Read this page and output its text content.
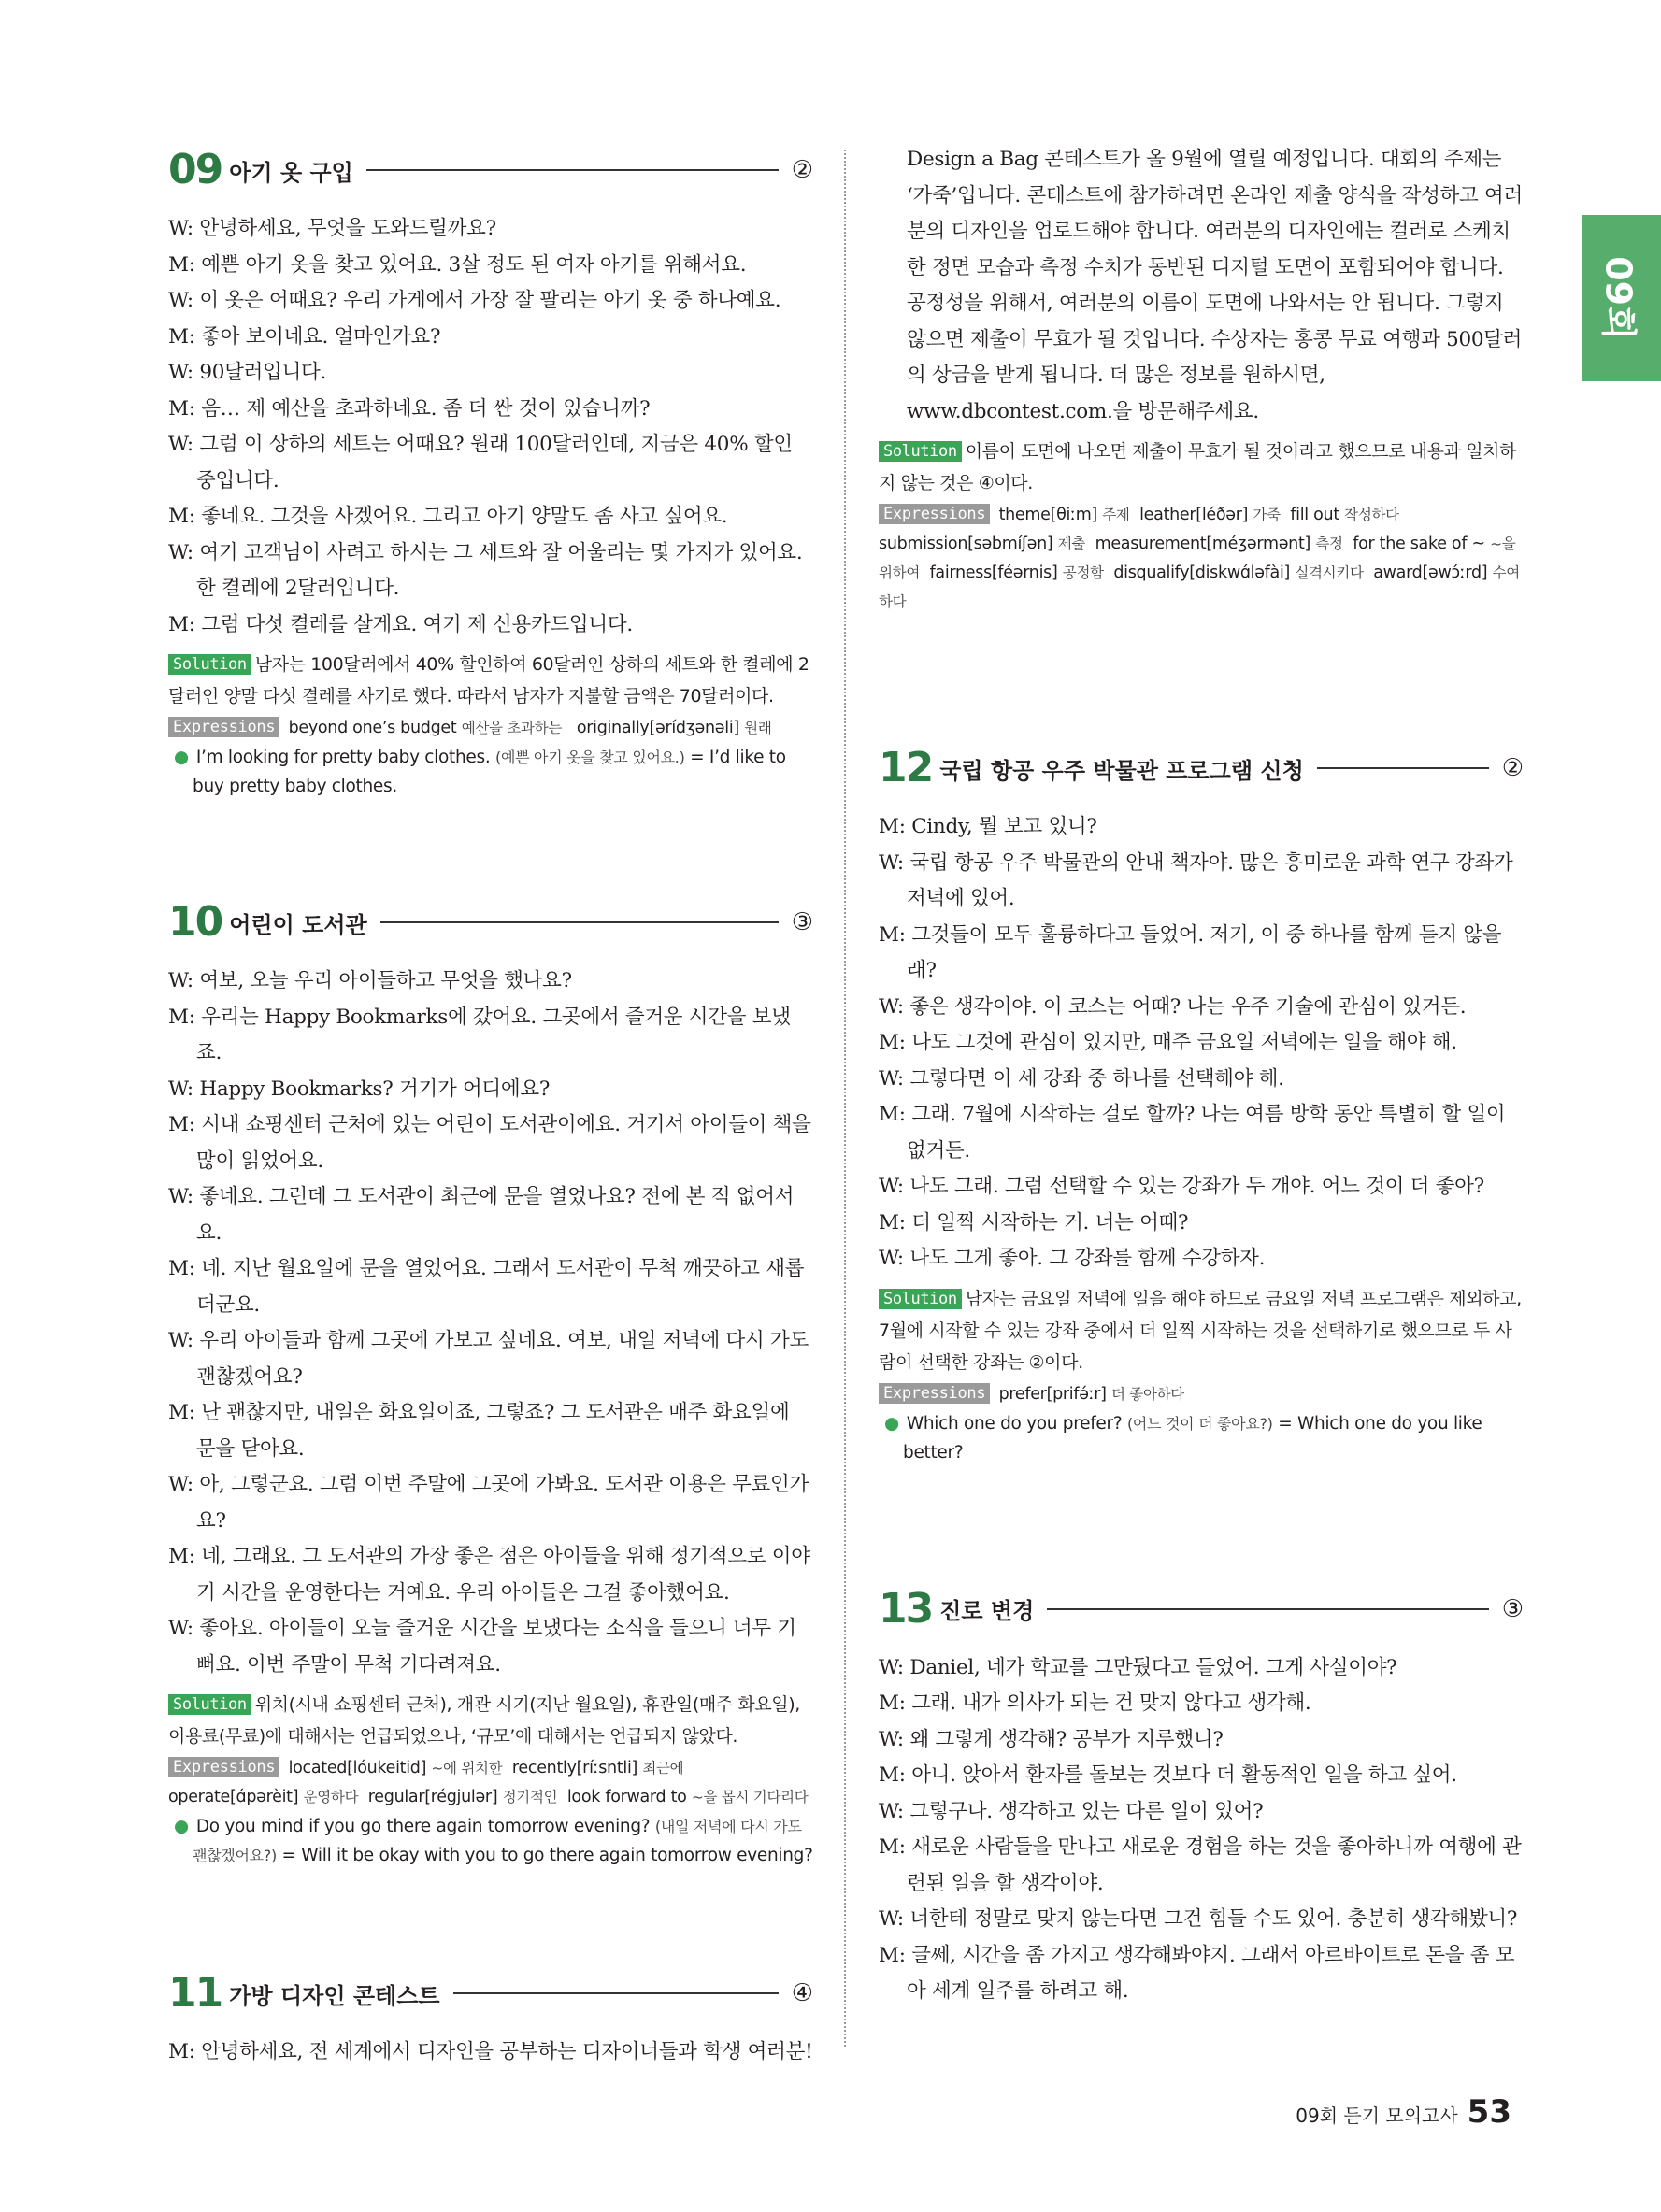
09회
09 아기 옷 구입	②

W: 안녕하세요, 무엇을 도와드릴까요?

M: 예쁜 아기 옷을 찾고 있어요. 3살 정도 된 여자 아기를 위해서요.

W: 이 옷은 어때요? 우리 가게에서 가장 잘 팔리는 아기 옷 중 하나예요.

M: 좋아 보이네요. 얼마인가요?

W: 90달러입니다.

M: 음… 제 예산을 초과하네요. 좀 더 싼 것이 있습니까?

W: 그럼 이 상하의 세트는 어때요? 원래 100달러인데, 지금은 40% 할인 중입니다.

M: 좋네요. 그것을 사겠어요. 그리고 아기 양말도 좀 사고 싶어요.

W: 여기 고객님이 사려고 하시는 그 세트와 잘 어울리는 몇 가지가 있어요. 한 켤레에 2달러입니다.

M: 그럼 다섯 켤레를 살게요. 여기 제 신용카드입니다.

Solution 남자는 100달러에서 40% 할인하여 60달러인 상하의 세트와 한 켤레에 2달러인 양말 다섯 켤레를 사기로 했다. 따라서 남자가 지불할 금액은 70달러이다.

Expressions beyond one’s budget 예산을 초과하는 originally[ərídʒənəli] 원래

● I’m looking for pretty baby clothes. (예쁜 아기 옷을 찾고 있어요.) = I’d like to buy pretty baby clothes.

10 어린이 도서관	③

W: 여보, 오늘 우리 아이들하고 무엇을 했나요?

M: 우리는 Happy Bookmarks에 갔어요. 그곳에서 즐거운 시간을 보냈죠.

W: Happy Bookmarks? 거기가 어디에요?

M: 시내 쇼핑센터 근처에 있는 어린이 도서관이에요. 거기서 아이들이 책을 많이 읽었어요.

W: 좋네요. 그런데 그 도서관이 최근에 문을 열었나요? 전에 본 적 없어서요.

M: 네. 지난 월요일에 문을 열었어요. 그래서 도서관이 무척 깨끗하고 새롭더군요.

W: 우리 아이들과 함께 그곳에 가보고 싶네요. 여보, 내일 저녁에 다시 가도 괜찮겠어요?

M: 난 괜찮지만, 내일은 화요일이죠, 그렇죠? 그 도서관은 매주 화요일에 문을 닫아요.

W: 아, 그렇군요. 그럼 이번 주말에 그곳에 가봐요. 도서관 이용은 무료인가요?

M: 네, 그래요. 그 도서관의 가장 좋은 점은 아이들을 위해 정기적으로 이야기 시간을 운영한다는 거예요. 우리 아이들은 그걸 좋아했어요.

W: 좋아요. 아이들이 오늘 즐거운 시간을 보냈다는 소식을 들으니 너무 기뻐요. 이번 주말이 무척 기다려져요.

Solution 위치(시내 쇼핑센터 근처), 개관 시기(지난 월요일), 휴관일(매주 화요일), 이용료(무료)에 대해서는 언급되었으나, ‘규모’에 대해서는 언급되지 않았다.

Expressions located[lóukeitid] ~에 위치한 recently[ríːsntli] 최근에  operate[ɑ́pərèit] 운영하다 regular[régjulər] 정기적인 look forward to ~을 몹시 기다리다

● Do you mind if you go there again tomorrow evening? (내일 저녁에 다시 가도 괜찮겠어요?) = Will it be okay with you to go there again tomorrow evening?

11 가방 디자인 콘테스트	④

M: 안녕하세요, 전 세계에서 디자인을 공부하는 디자이너들과 학생 여러분!

Design a Bag 콘테스트가 올 9월에 열릴 예정입니다. 대회의 주제는 ‘가죽’입니다. 콘테스트에 참가하려면 온라인 제출 양식을 작성하고 여러분의 디자인을 업로드해야 합니다. 여러분의 디자인에는 컬러로 스케치한 정면 모습과 측정 수치가 동반된 디지털 도면이 포함되어야 합니다. 공정성을 위해서, 여러분의 이름이 도면에 나와서는 안 됩니다. 그렇지 않으면 제출이 무효가 될 것입니다. 수상자는 홍콩 무료 여행과 500달러의 상금을 받게 됩니다. 더 많은 정보를 원하시면, www.dbcontest.com.을 방문해주세요.

Solution 이름이 도면에 나오면 제출이 무효가 될 것이라고 했으므로 내용과 일치하지 않는 것은 ④이다.

Expressions theme[θiːm] 주제 leather[léðər] 가죽 fill out 작성하다  submission[səbmíʃən] 제출 measurement[méʒərmənt] 측정 for the sake of ~ ~을 위하여 fairness[féərnis] 공정함 disqualify[diskwɑ́ləfài] 실격시키다 award[əwɔ́ːrd] 수여하다

12 국립 항공 우주 박물관 프로그램 신청	②

M: Cindy, 뭘 보고 있니?

W: 국립 항공 우주 박물관의 안내 책자야. 많은 흥미로운 과학 연구 강좌가 저녁에 있어.

M: 그것들이 모두 훌륭하다고 들었어. 저기, 이 중 하나를 함께 듣지 않을래?

W: 좋은 생각이야. 이 코스는 어때? 나는 우주 기술에 관심이 있거든.

M: 나도 그것에 관심이 있지만, 매주 금요일 저녁에는 일을 해야 해.

W: 그렇다면 이 세 강좌 중 하나를 선택해야 해.

M: 그래. 7월에 시작하는 걸로 할까? 나는 여름 방학 동안 특별히 할 일이 없거든.

W: 나도 그래. 그럼 선택할 수 있는 강좌가 두 개야. 어느 것이 더 좋아?

M: 더 일찍 시작하는 거. 너는 어때?

W: 나도 그게 좋아. 그 강좌를 함께 수강하자.

Solution 남자는 금요일 저녁에 일을 해야 하므로 금요일 저녁 프로그램은 제외하고, 7월에 시작할 수 있는 강좌 중에서 더 일찍 시작하는 것을 선택하기로 했으므로 두 사람이 선택한 강좌는 ②이다.

Expressions prefer[prifə́ːr] 더 좋아하다

● Which one do you prefer? (어느 것이 더 좋아요?) = Which one do you like better?

13 진로 변경	③

W: Daniel, 네가 학교를 그만뒀다고 들었어. 그게 사실이야?

M: 그래. 내가 의사가 되는 건 맞지 않다고 생각해.

W: 왜 그렇게 생각해? 공부가 지루했니?

M: 아니. 앉아서 환자를 돌보는 것보다 더 활동적인 일을 하고 싶어.

W: 그렇구나. 생각하고 있는 다른 일이 있어?

M: 새로운 사람들을 만나고 새로운 경험을 하는 것을 좋아하니까 여행에 관련된 일을 할 생각이야.

W: 너한테 정말로 맞지 않는다면 그건 힘들 수도 있어. 충분히 생각해봤니?

M: 글쎄, 시간을 좀 가지고 생각해봐야지. 그래서 아르바이트로 돈을 좀 모아 세계 일주를 하려고 해.

09회 듣기 모의고사 53
